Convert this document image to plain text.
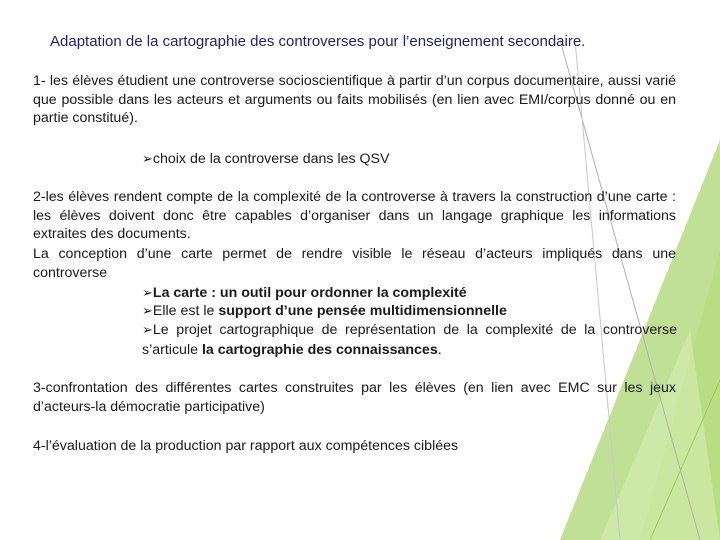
Adaptation de la cartographie des controverses pour l’enseignement secondaire.

1- les élèves étudient une controverse socioscientifique à partir d’un corpus documentaire, aussi varié que possible dans les acteurs et arguments ou faits mobilisés (en lien avec EMI/corpus donné ou en partie constitué).

➢choix de la controverse dans les QSV

2-les élèves rendent compte de la complexité de la controverse à travers la construction d’une carte : les élèves doivent donc être capables d’organiser dans un langage graphique les informations extraites des documents.

La conception d’une carte permet de rendre visible le réseau d’acteurs impliqués dans une controverse

➢La carte : un outil pour ordonner la complexité

➢Elle est le support d’une pensée multidimensionnelle

➢Le projet cartographique de représentation de la complexité de la controverse s’articule la cartographie des connaissances.

3-confrontation des différentes cartes construites par les élèves (en lien avec EMC sur les jeux d’acteurs-la démocratie participative)

4-l’évaluation de la production par rapport aux compétences ciblées
